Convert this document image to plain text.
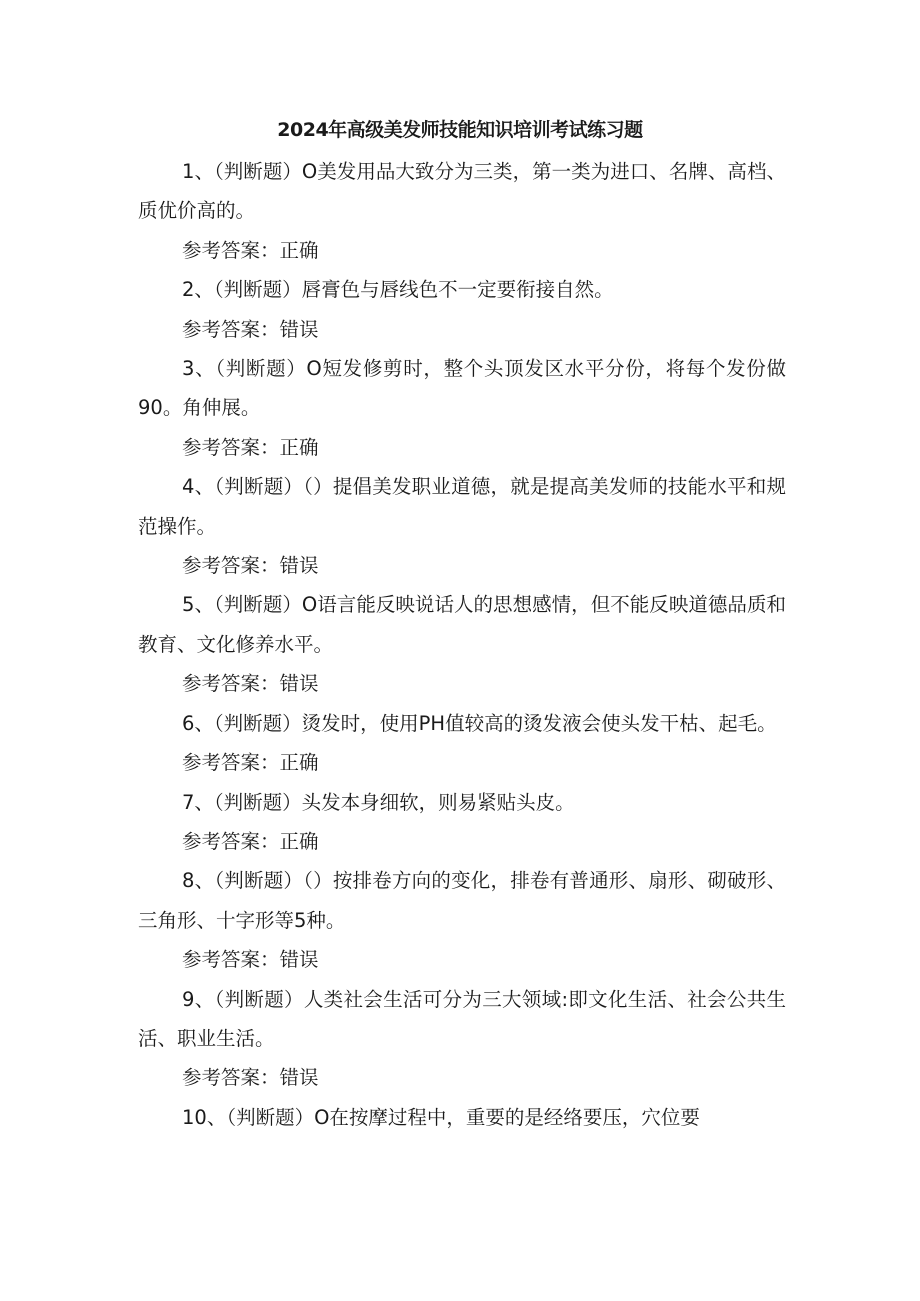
2024年高级美发师技能知识培训考试练习题

1、（判断题）O美发用品大致分为三类，第一类为进口、名牌、高档、质优价高的。

参考答案：正确

2、（判断题）唇膏色与唇线色不一定要衔接自然。

参考答案：错误

3、（判断题）O短发修剪时，整个头顶发区水平分份，将每个发份做90。角伸展。

参考答案：正确

4、（判断题）（）提倡美发职业道德，就是提高美发师的技能水平和规范操作。

参考答案：错误

5、（判断题）O语言能反映说话人的思想感情，但不能反映道德品质和教育、文化修养水平。

参考答案：错误

6、（判断题）烫发时，使用PH值较高的烫发液会使头发干枯、起毛。

参考答案：正确

7、（判断题）头发本身细软，则易紧贴头皮。

参考答案：正确

8、（判断题）（）按排卷方向的变化，排卷有普通形、扇形、砌破形、三角形、十字形等5种。

参考答案：错误

9、（判断题）人类社会生活可分为三大领域:即文化生活、社会公共生活、职业生活。

参考答案：错误

10、（判断题）O在按摩过程中，重要的是经络要压，穴位要
